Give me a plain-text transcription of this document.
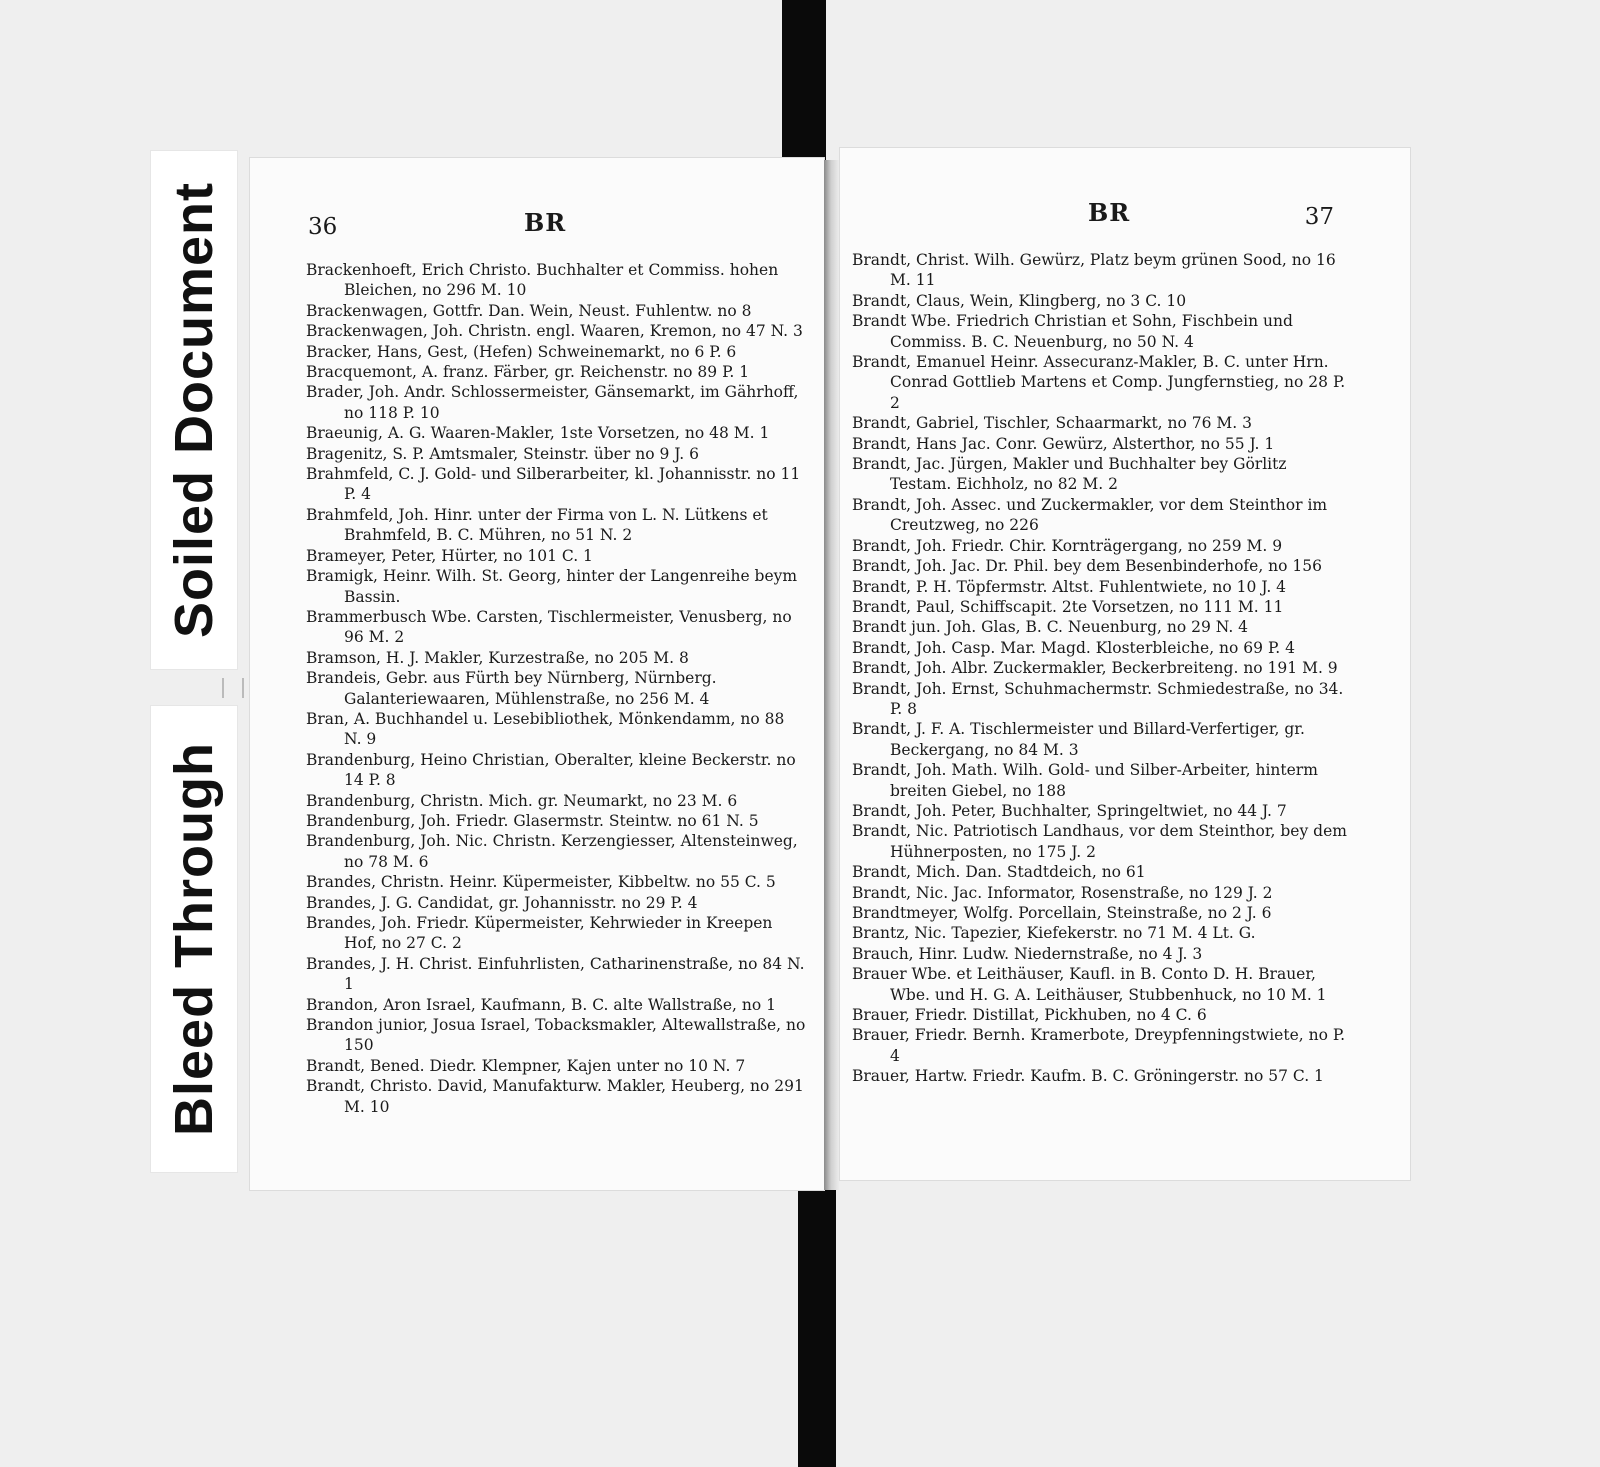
Soiled Document
Bleed Through
36	BR

Brackenhoeft, Erich Christo. Buchhalter et Commiss. hohen Bleichen, no 296 M. 10

Brackenwagen, Gottfr. Dan. Wein, Neust. Fuhlentw. no 8

Brackenwagen, Joh. Christn. engl. Waaren, Kremon, no 47 N. 3

Bracker, Hans, Gest, (Hefen) Schweinemarkt, no 6 P. 6

Bracquemont, A. franz. Färber, gr. Reichenstr. no 89 P. 1

Brader, Joh. Andr. Schlossermeister, Gänsemarkt, im Gährhoff, no 118 P. 10

Braeunig, A. G. Waaren-Makler, 1ste Vorsetzen, no 48 M. 1

Bragenitz, S. P. Amtsmaler, Steinstr. über no 9 J. 6

Brahmfeld, C. J. Gold- und Silberarbeiter, kl. Johannisstr. no 11 P. 4

Brahmfeld, Joh. Hinr. unter der Firma von L. N. Lütkens et Brahmfeld, B. C. Mühren, no 51 N. 2

Brameyer, Peter, Hürter, no 101 C. 1

Bramigk, Heinr. Wilh. St. Georg, hinter der Langenreihe beym Bassin.

Brammerbusch Wbe. Carsten, Tischlermeister, Venusberg, no 96 M. 2

Bramson, H. J. Makler, Kurzestraße, no 205 M. 8

Brandeis, Gebr. aus Fürth bey Nürnberg, Nürnberg. Galanteriewaaren, Mühlenstraße, no 256 M. 4

Bran, A. Buchhandel u. Lesebibliothek, Mönkendamm, no 88 N. 9

Brandenburg, Heino Christian, Oberalter, kleine Beckerstr. no 14 P. 8

Brandenburg, Christn. Mich. gr. Neumarkt, no 23 M. 6

Brandenburg, Joh. Friedr. Glasermstr. Steintw. no 61 N. 5

Brandenburg, Joh. Nic. Christn. Kerzengiesser, Altensteinweg, no 78 M. 6

Brandes, Christn. Heinr. Küpermeister, Kibbeltw. no 55 C. 5

Brandes, J. G. Candidat, gr. Johannisstr. no 29 P. 4

Brandes, Joh. Friedr. Küpermeister, Kehrwieder in Kreepen Hof, no 27 C. 2

Brandes, J. H. Christ. Einfuhrlisten, Catharinenstraße, no 84 N. 1

Brandon, Aron Israel, Kaufmann, B. C. alte Wallstraße, no 1

Brandon junior, Josua Israel, Tobacksmakler, Altewallstraße, no 150

Brandt, Bened. Diedr. Klempner, Kajen unter no 10 N. 7

Brandt, Christo. David, Manufakturw. Makler, Heuberg, no 291 M. 10

37
BR

Brandt, Christ. Wilh. Gewürz, Platz beym grünen Sood, no 16 M. 11

Brandt, Claus, Wein, Klingberg, no 3 C. 10

Brandt Wbe. Friedrich Christian et Sohn, Fischbein und Commiss. B. C. Neuenburg, no 50 N. 4

Brandt, Emanuel Heinr. Assecuranz-Makler, B. C. unter Hrn. Conrad Gottlieb Martens et Comp. Jungfernstieg, no 28 P. 2

Brandt, Gabriel, Tischler, Schaarmarkt, no 76 M. 3

Brandt, Hans Jac. Conr. Gewürz, Alsterthor, no 55 J. 1

Brandt, Jac. Jürgen, Makler und Buchhalter bey Görlitz Testam. Eichholz, no 82 M. 2

Brandt, Joh. Assec. und Zuckermakler, vor dem Steinthor im Creutzweg, no 226

Brandt, Joh. Friedr. Chir. Kornträgergang, no 259 M. 9

Brandt, Joh. Jac. Dr. Phil. bey dem Besenbinderhofe, no 156

Brandt, P. H. Töpfermstr. Altst. Fuhlentwiete, no 10 J. 4

Brandt, Paul, Schiffscapit. 2te Vorsetzen, no 111 M. 11

Brandt jun. Joh. Glas, B. C. Neuenburg, no 29 N. 4

Brandt, Joh. Casp. Mar. Magd. Klosterbleiche, no 69 P. 4

Brandt, Joh. Albr. Zuckermakler, Beckerbreiteng. no 191 M. 9

Brandt, Joh. Ernst, Schuhmachermstr. Schmiedestraße, no 34. P. 8

Brandt, J. F. A. Tischlermeister und Billard-Verfertiger, gr. Beckergang, no 84 M. 3

Brandt, Joh. Math. Wilh. Gold- und Silber-Arbeiter, hinterm breiten Giebel, no 188

Brandt, Joh. Peter, Buchhalter, Springeltwiet, no 44 J. 7

Brandt, Nic. Patriotisch Landhaus, vor dem Steinthor, bey dem Hühnerposten, no 175 J. 2

Brandt, Mich. Dan. Stadtdeich, no 61

Brandt, Nic. Jac. Informator, Rosenstraße, no 129 J. 2

Brandtmeyer, Wolfg. Porcellain, Steinstraße, no 2 J. 6

Brantz, Nic. Tapezier, Kiefekerstr. no 71 M. 4 Lt. G.

Brauch, Hinr. Ludw. Niedernstraße, no 4 J. 3

Brauer Wbe. et Leithäuser, Kaufl. in B. Conto D. H. Brauer, Wbe. und H. G. A. Leithäuser, Stubbenhuck, no 10 M. 1

Brauer, Friedr. Distillat, Pickhuben, no 4 C. 6

Brauer, Friedr. Bernh. Kramerbote, Dreypfenningstwiete, no P. 4

Brauer, Hartw. Friedr. Kaufm. B. C. Gröningerstr. no 57 C. 1
